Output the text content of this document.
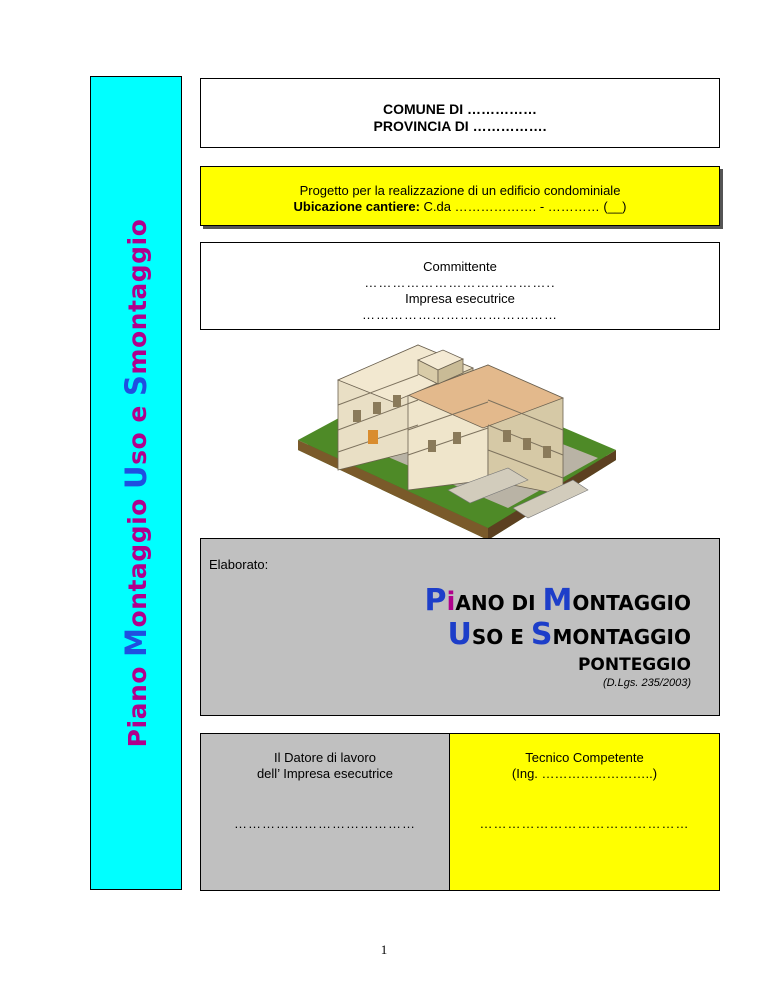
Piano Montaggio Uso e Smontaggio
COMUNE DI ……………
PROVINCIA DI …………….
Progetto per la realizzazione di un edificio condominiale
Ubicazione cantiere: C.da ………………. - ………… (__)
Committente
…………………………………..
Impresa esecutrice
……………………………………
Elaborato:
PiANO DI MONTAGGIO
USO E SMONTAGGIO
PONTEGGIO
(D.Lgs. 235/2003)
Il Datore di lavoro
dell’ Impresa esecutrice
…………………………………
Tecnico Competente
(Ing. ……………………..)
………………………………………
1
